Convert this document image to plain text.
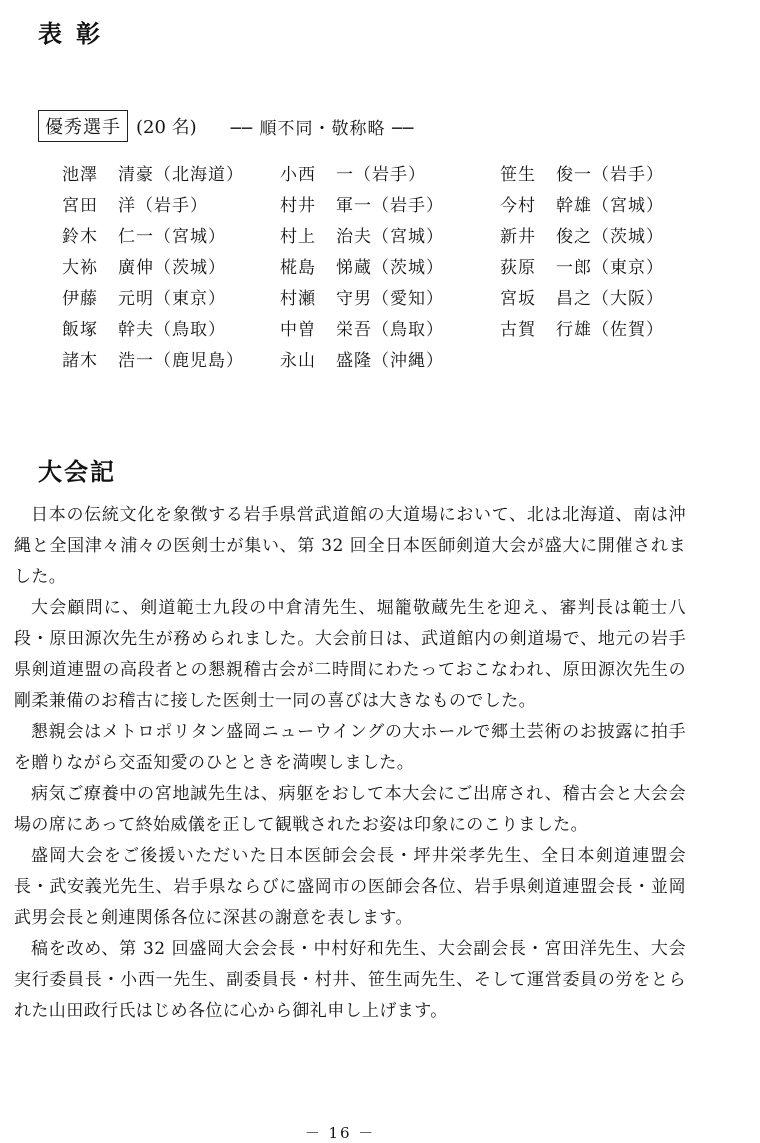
表彰
優秀選手 (20 名) ── 順不同・敬称略 ──
池澤	清豪（北海道） 小西	一（岩手）	笹生	俊一（岩手）
宮田	洋（岩手）	村井	軍一（岩手）	今村	幹雄（宮城）
鈴木	仁一（宮城）	村上	治夫（宮城）	新井	俊之（茨城）
大袮	廣伸（茨城）	椛島	悌蔵（茨城）	荻原	一郎（東京）
伊藤	元明（東京）	村瀬	守男（愛知）	宮坂	昌之（大阪）
飯塚	幹夫（鳥取）	中曽	栄吾（鳥取）	古賀	行雄（佐賀）
諸木	浩一（鹿児島） 永山	盛隆（沖縄）
大会記

日本の伝統文化を象徴する岩手県営武道館の大道場において、北は北海道、南は沖縄と全国津々浦々の医剣士が集い、第 32 回全日本医師剣道大会が盛大に開催されました。

大会顧問に、剣道範士九段の中倉清先生、堀籠敬蔵先生を迎え、審判長は範士八段・原田源次先生が務められました。大会前日は、武道館内の剣道場で、地元の岩手県剣道連盟の高段者との懇親稽古会が二時間にわたっておこなわれ、原田源次先生の剛柔兼備のお稽古に接した医剣士一同の喜びは大きなものでした。

懇親会はメトロポリタン盛岡ニューウイングの大ホールで郷土芸術のお披露に拍手を贈りながら交盃知愛のひとときを満喫しました。

病気ご療養中の宮地誠先生は、病躯をおして本大会にご出席され、稽古会と大会会場の席にあって終始威儀を正して観戦されたお姿は印象にのこりました。

盛岡大会をご後援いただいた日本医師会会長・坪井栄孝先生、全日本剣道連盟会長・武安義光先生、岩手県ならびに盛岡市の医師会各位、岩手県剣道連盟会長・並岡武男会長と剣連関係各位に深甚の謝意を表します。

稿を改め、第 32 回盛岡大会会長・中村好和先生、大会副会長・宮田洋先生、大会実行委員長・小西一先生、副委員長・村井、笹生両先生、そして運営委員の労をとられた山田政行氏はじめ各位に心から御礼申し上げます。

－ 16 －
